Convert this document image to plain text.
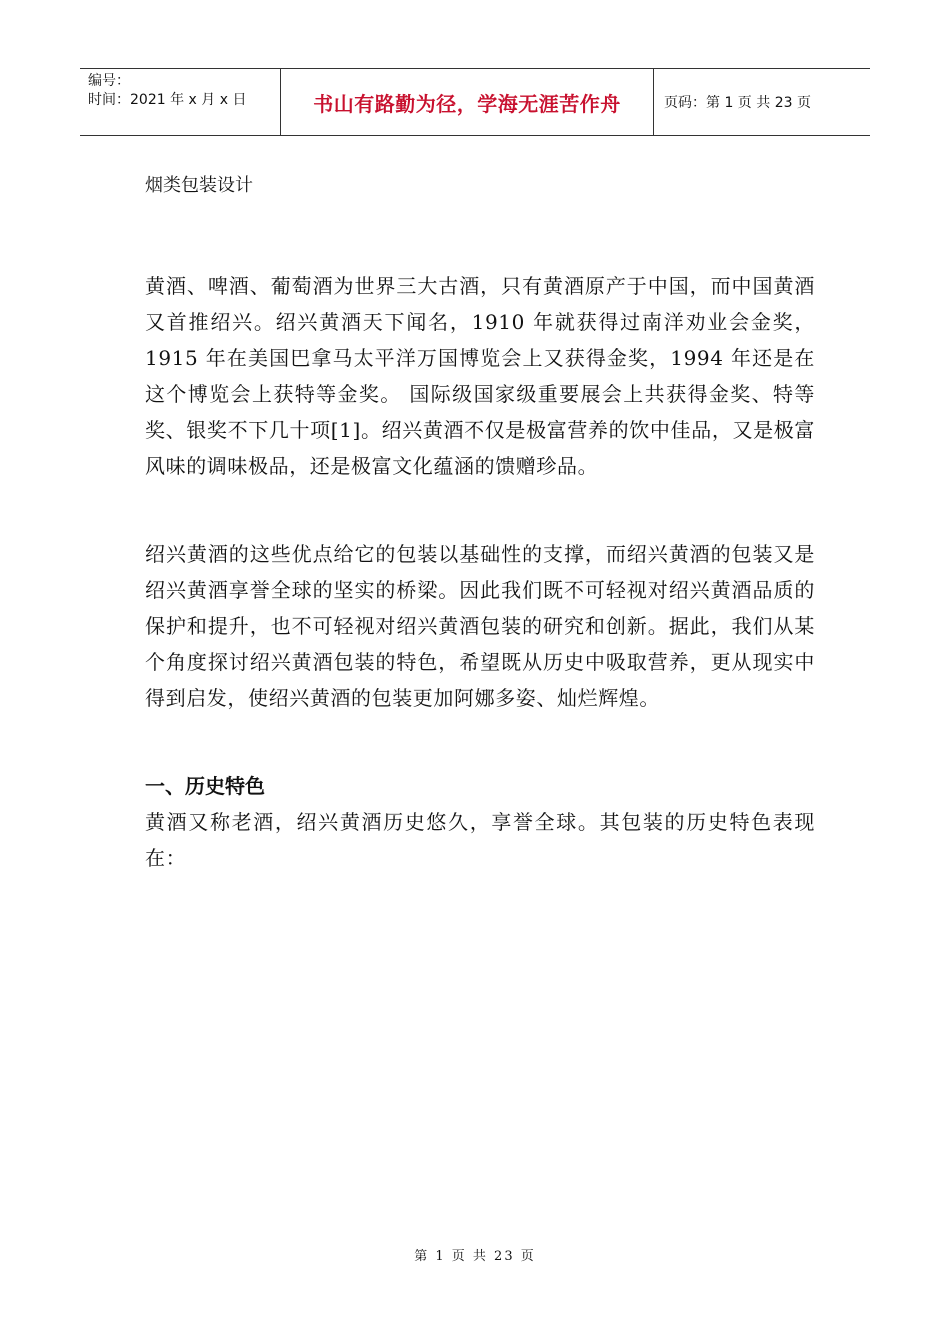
编号：
时间：2021 年 x 月 x 日	书山有路勤为径，学海无涯苦作舟	页码：第 1 页 共 23 页

烟类包装设计

黄酒、啤酒、葡萄酒为世界三大古酒，只有黄酒原产于中国，而中国黄酒又首推绍兴。绍兴黄酒天下闻名，1910 年就获得过南洋劝业会金奖，1915 年在美国巴拿马太平洋万国博览会上又获得金奖，1994 年还是在这个博览会上获特等金奖。 国际级国家级重要展会上共获得金奖、特等奖、银奖不下几十项[1]。绍兴黄酒不仅是极富营养的饮中佳品，又是极富风味的调味极品，还是极富文化蕴涵的馈赠珍品。

绍兴黄酒的这些优点给它的包装以基础性的支撑，而绍兴黄酒的包装又是绍兴黄酒享誉全球的坚实的桥梁。因此我们既不可轻视对绍兴黄酒品质的保护和提升，也不可轻视对绍兴黄酒包装的研究和创新。据此，我们从某个角度探讨绍兴黄酒包装的特色，希望既从历史中吸取营养，更从现实中得到启发，使绍兴黄酒的包装更加阿娜多姿、灿烂辉煌。

一、历史特色

黄酒又称老酒，绍兴黄酒历史悠久，享誉全球。其包装的历史特色表现在：

第 1 页 共 23 页
